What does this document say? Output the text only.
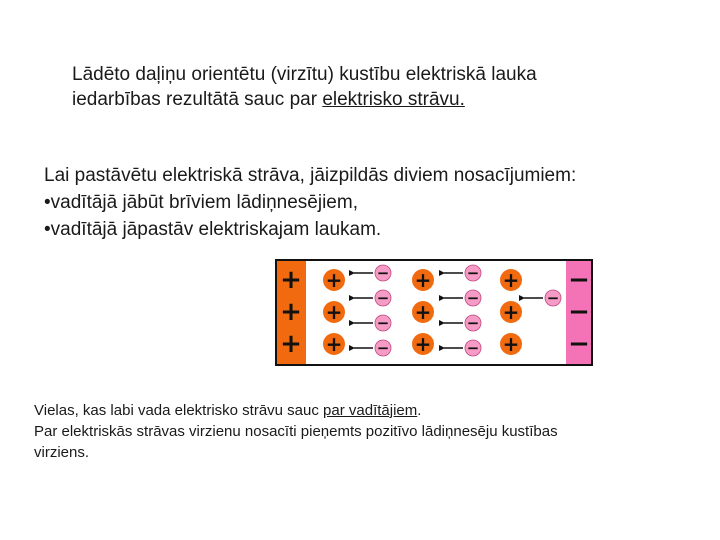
Lādēto daļiņu orientētu (virzītu) kustību elektriskā lauka
iedarbības rezultātā sauc par elektrisko strāvu.
Lai pastāvētu elektriskā strāva, jāizpildās diviem nosacījumiem:
•vadītājā jābūt brīviem lādiņnesējiem,
•vadītājā jāpastāv elektriskajam laukam.
+	−
+	−
+	−
+
+
+
+
+
+
+
+
+
−
−
−
−
−
−
−
−
−
Vielas, kas labi vada elektrisko strāvu sauc par vadītājiem.
Par elektriskās strāvas virzienu nosacīti pieņemts pozitīvo lādiņnesēju kustības
virziens.
